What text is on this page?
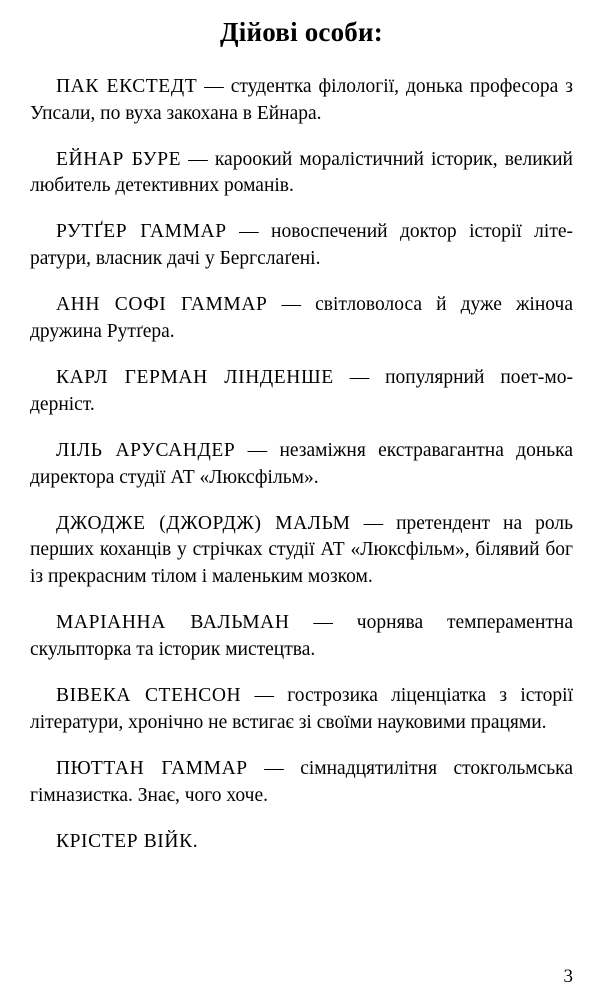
Дійові особи:

ПАК ЕКСТЕДТ — студентка філології, донька професора з Упсали, по вуха закохана в Ейнара.

ЕЙНАР БУРЕ — кароокий моралістичний історик, великий любитель детективних романів.

РУТҐЕР ГАММАР — новоспечений доктор історії літератури, власник дачі у Бергслаґені.

АНН СОФІ ГАММАР — світловолоса й дуже жіноча дружина Рутґера.

КАРЛ ГЕРМАН ЛІНДЕНШЕ — популярний поет-модерніст.

ЛІЛЬ АРУСАНДЕР — незаміжня екстравагантна донька директора студії АТ «Люксфільм».

ДЖОДЖЕ (ДЖОРДЖ) МАЛЬМ — претендент на роль перших коханців у стрічках студії АТ «Люксфільм», білявий бог із прекрасним тілом і маленьким мозком.

МАРІАННА ВАЛЬМАН — чорнява темпераментна скульпторка та історик мистецтва.

ВІВЕКА СТЕНСОН — гострозика ліценціатка з історії літератури, хронічно не встигає зі своїми науковими працями.

ПЮТТАН ГАММАР — сімнадцятилітня стокгольмська гімназистка. Знає, чого хоче.

КРІСТЕР ВІЙК.

3
